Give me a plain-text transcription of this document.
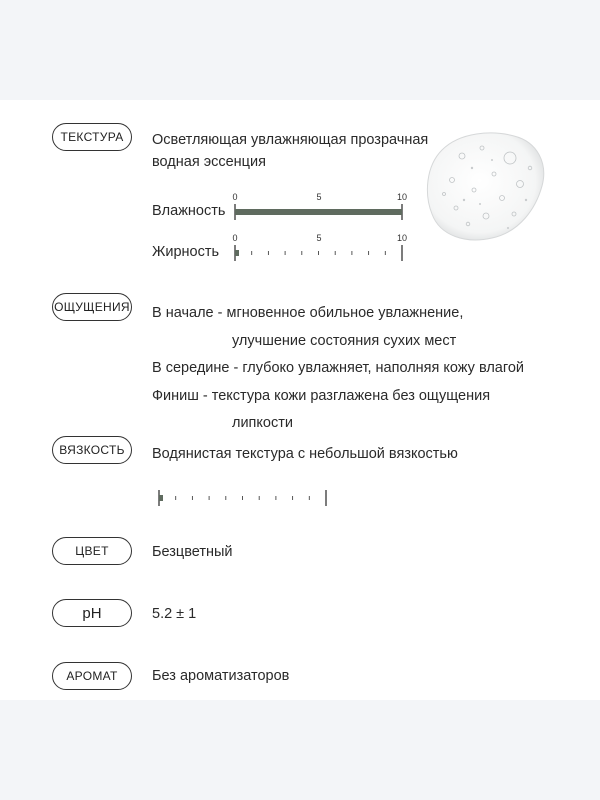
ТЕКСТУРА Осветляющая увлажняющая прозрачная
водная эссенция
Влажность
0	5	10
Жирность
0	5	10
ОЩУЩЕНИЯ В начале - мгновенное обильное увлажнение,
улучшение состояния сухих мест
В середине - глубоко увлажняет, наполняя кожу влагой
Финиш - текстура кожи разглажена без ощущения
липкости
ВЯЗКОСТЬ Водянистая текстура с небольшой вязкостью
ЦВЕТ	Безцветный
pH	5.2 ± 1
АРОМАТ Без ароматизаторов
